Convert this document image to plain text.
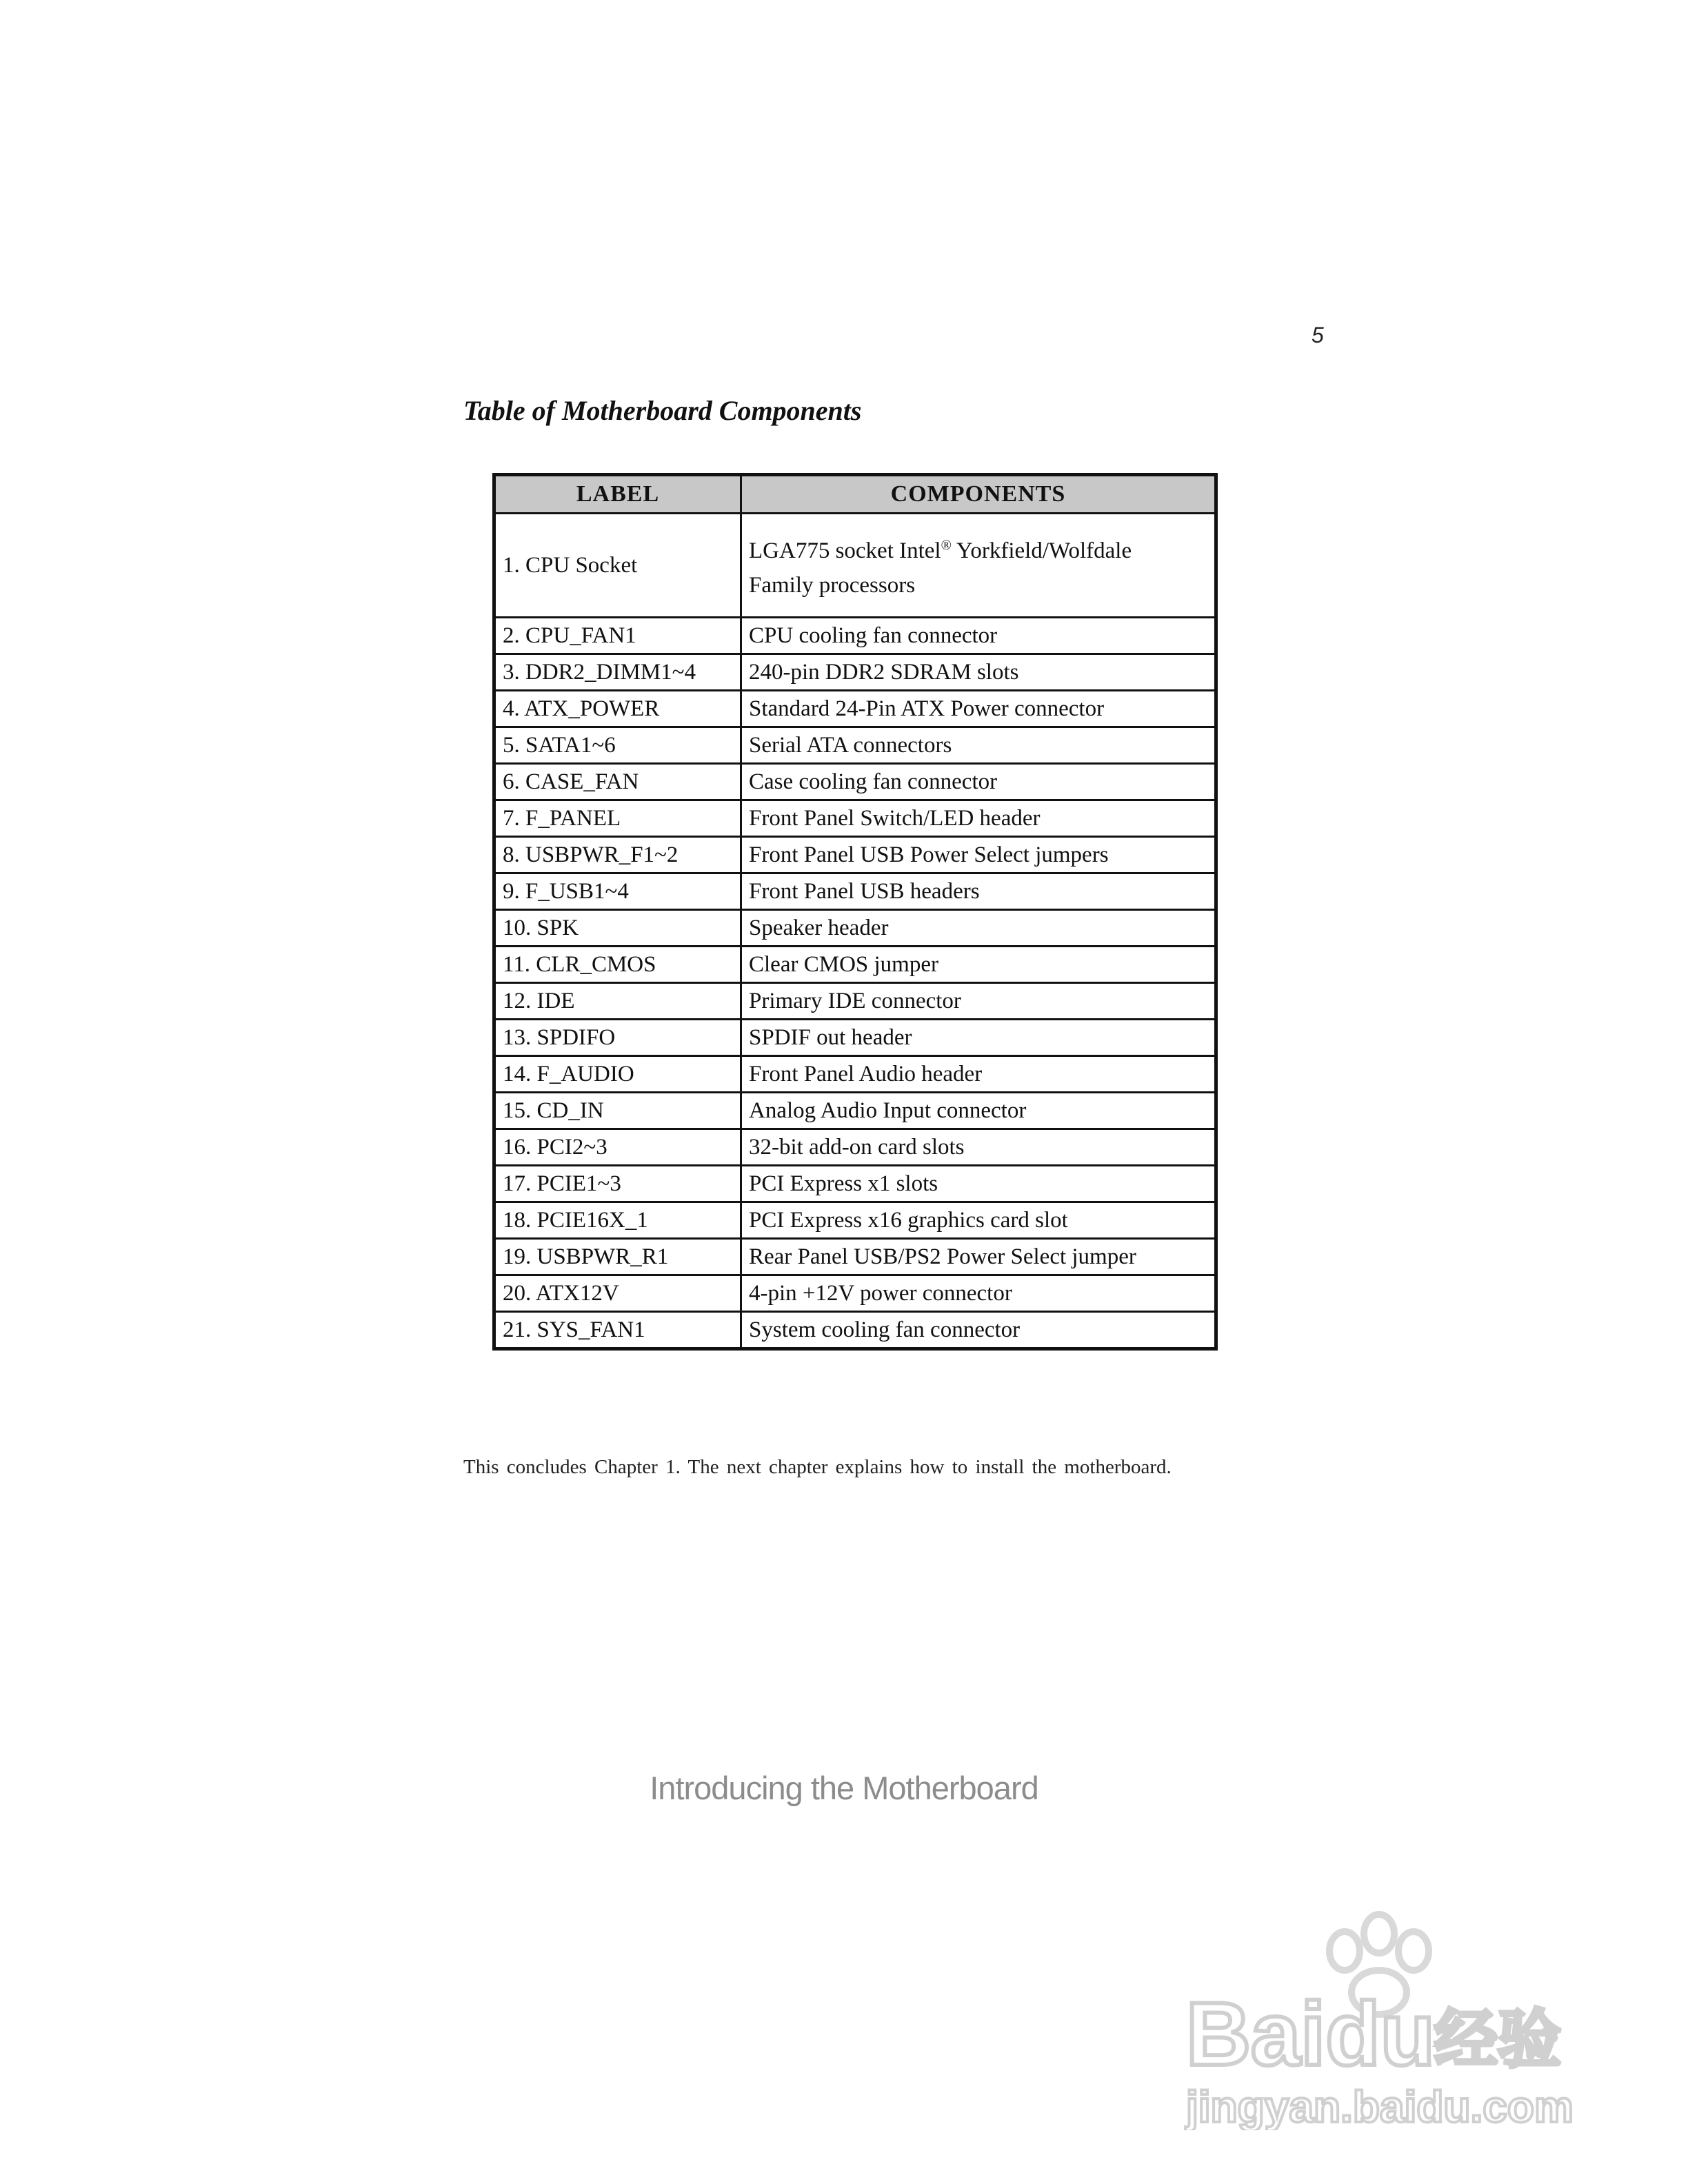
5
Table of Motherboard Components
LABEL	COMPONENTS
1. CPU Socket	LGA775 socket Intel® Yorkfield/Wolfdale
Family processors
2. CPU_FAN1	CPU cooling fan connector
3. DDR2_DIMM1~4	240-pin DDR2 SDRAM slots
4. ATX_POWER	Standard 24-Pin ATX Power connector
5. SATA1~6	Serial ATA connectors
6. CASE_FAN	Case cooling fan connector
7. F_PANEL	Front Panel Switch/LED header
8. USBPWR_F1~2	Front Panel USB Power Select jumpers
9. F_USB1~4	Front Panel USB headers
10. SPK	Speaker header
11. CLR_CMOS	Clear CMOS jumper
12. IDE	Primary IDE connector
13. SPDIFO	SPDIF out header
14. F_AUDIO	Front Panel Audio header
15. CD_IN	Analog Audio Input connector
16. PCI2~3	32-bit add-on card slots
17. PCIE1~3	PCI Express x1 slots
18. PCIE16X_1	PCI Express x16 graphics card slot
19. USBPWR_R1	Rear Panel USB/PS2 Power Select jumper
20. ATX12V	4-pin +12V power connector
21. SYS_FAN1	System cooling fan connector
This concludes Chapter 1. The next chapter explains how to install the motherboard.
Introducing the Motherboard
Baidu
经验
jingyan.baidu.com
